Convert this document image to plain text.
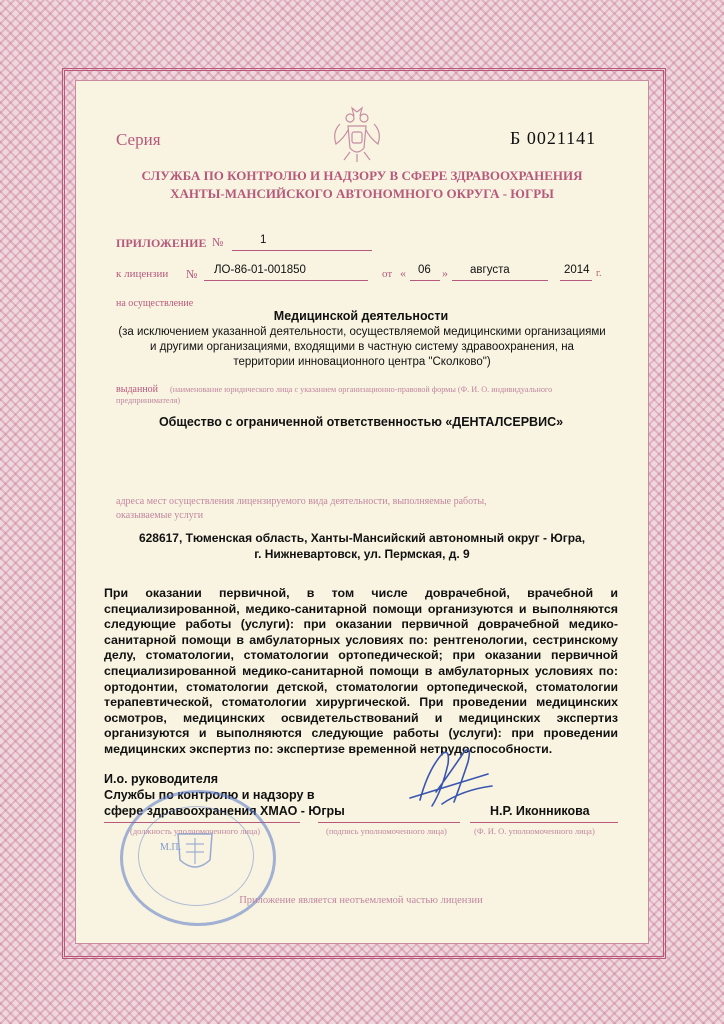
Серия	Б 0021141
СЛУЖБА ПО КОНТРОЛЮ И НАДЗОРУ В СФЕРЕ ЗДРАВООХРАНЕНИЯ
ХАНТЫ-МАНСИЙСКОГО АВТОНОМНОГО ОКРУГА - ЮГРЫ
ПРИЛОЖЕНИЕ №	1
к лицензии № ЛО-86-01-001850	от « 06 » августа	2014 г.
на осуществление
Медицинской деятельности
(за исключением указанной деятельности, осуществляемой медицинскими организациями
и другими организациями, входящими в частную систему здравоохранения, на
территории инновационного центра "Сколково")
выданной (наименование юридического лица с указанием организационно-правовой формы (Ф. И. О. индивидуального
предпринимателя)
Общество с ограниченной ответственностью «ДЕНТАЛСЕРВИС»
адреса мест осуществления лицензируемого вида деятельности, выполняемые работы,
оказываемые услуги
628617, Тюменская область, Ханты-Мансийский автономный округ - Югра,
г. Нижневартовск, ул. Пермская, д. 9
При оказании первичной, в том числе доврачебной, врачебной и
специализированной, медико-санитарной помощи организуются и выполняются
следующие работы (услуги): при оказании первичной доврачебной медико-
санитарной помощи в амбулаторных условиях по: рентгенологии, сестринскому
делу, стоматологии, стоматологии ортопедической; при оказании первичной
специализированной медико-санитарной помощи в амбулаторных условиях по:
ортодонтии, стоматологии детской, стоматологии ортопедической, стоматологии
терапевтической, стоматологии хирургической. При проведении медицинских
осмотров, медицинских освидетельствований и медицинских экспертиз
организуются и выполняются следующие работы (услуги): при проведении
медицинских экспертиз по: экспертизе временной нетрудоспособности.
И.о. руководителя
Службы по контролю и надзору в
сфере здравоохранения ХМАО - Югры	Н.Р. Иконникова
(должность уполномоченного лица)	(подпись уполномоченного лица)	(Ф. И. О. уполномоченного лица)
М.П.
Приложение является неотъемлемой частью лицензии
